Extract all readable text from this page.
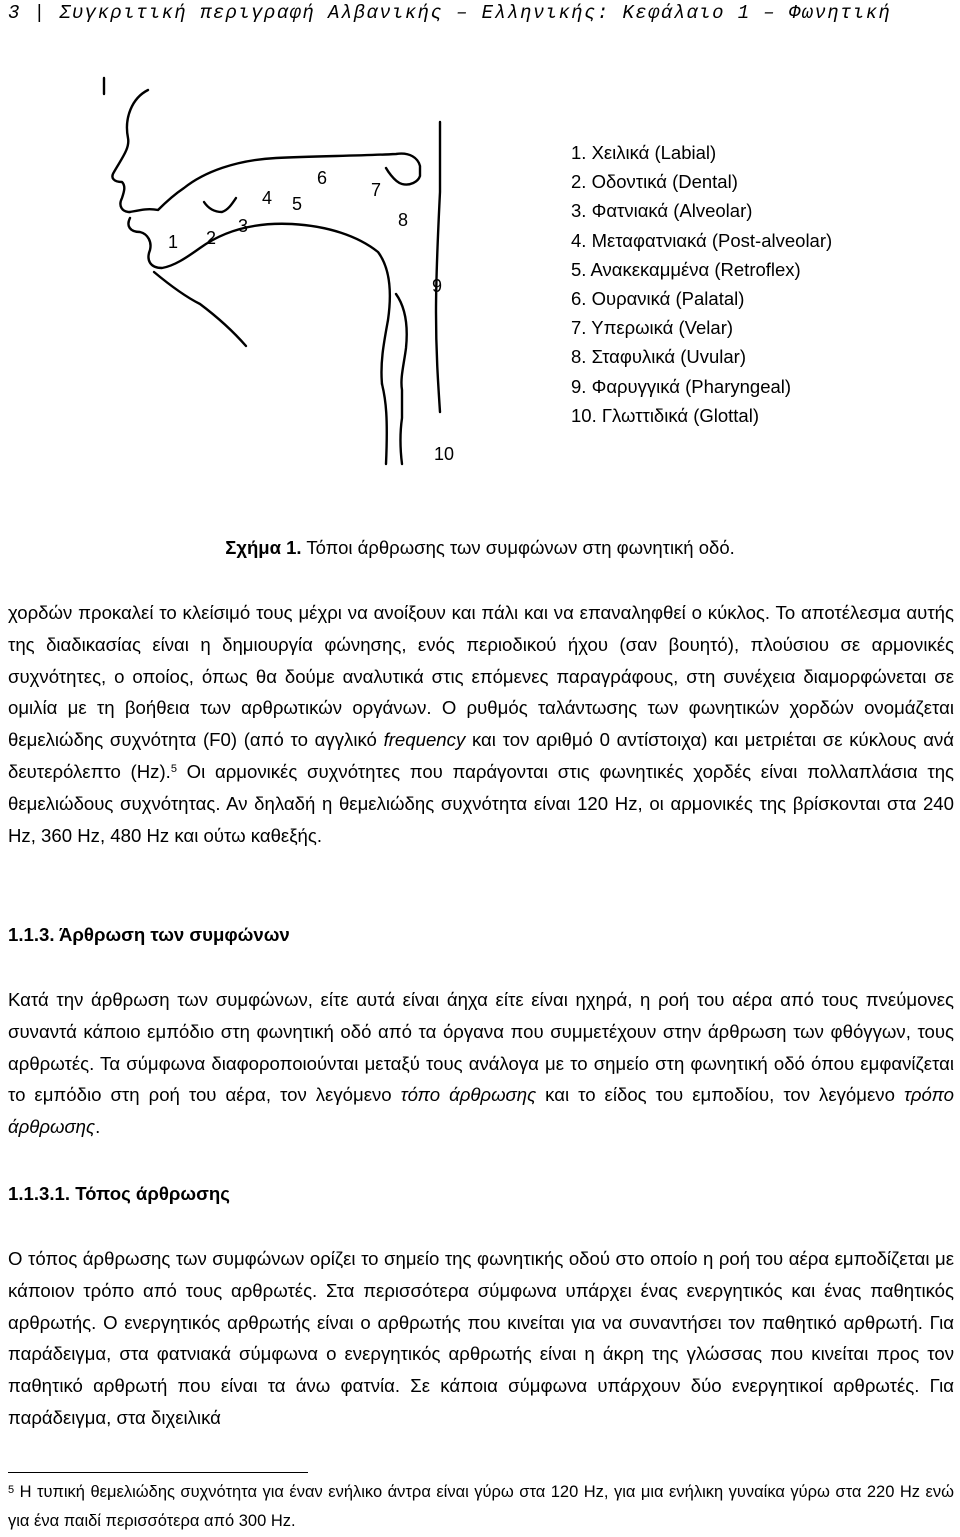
3 | Συγκριτική περιγραφή Αλβανικής – Ελληνικής: Κεφάλαιο 1 – Φωνητική
1 2
3
4 5
6
7
8
9
10
1. Χειλικά (Labial)
2. Οδοντικά (Dental)
3. Φατνιακά (Alveolar)
4. Μεταφατνιακά (Post-alveolar)
5. Ανακεκαμμένα (Retroflex)
6. Ουρανικά (Palatal)
7. Υπερωικά (Velar)
8. Σταφυλικά (Uvular)
9. Φαρυγγικά (Pharyngeal)
10. Γλωττιδικά (Glottal)
Σχήμα 1. Τόποι άρθρωσης των συμφώνων στη φωνητική οδό.

χορδών προκαλεί το κλείσιμό τους μέχρι να ανοίξουν και πάλι και να επαναληφθεί ο κύκλος. Το αποτέλεσμα αυτής της διαδικασίας είναι η δημιουργία φώνησης, ενός περιοδικού ήχου (σαν βουητό), πλούσιου σε αρμονικές συχνότητες, ο οποίος, όπως θα δούμε αναλυτικά στις επόμενες παραγράφους, στη συνέχεια διαμορφώνεται σε ομιλία με τη βοήθεια των αρθρωτικών οργάνων. Ο ρυθμός ταλάντωσης των φωνητικών χορδών ονομάζεται θεμελιώδης συχνότητα (F0) (από το αγγλικό frequency και τον αριθμό 0 αντίστοιχα) και μετριέται σε κύκλους ανά δευτερόλεπτο (Hz).$^5$ Οι αρμονικές συχνότητες που παράγονται στις φωνητικές χορδές είναι πολλαπλάσια της θεμελιώδους συχνότητας. Αν δηλαδή η θεμελιώδης συχνότητα είναι 120 Hz, οι αρμονικές της βρίσκονται στα 240 Hz, 360 Hz, 480 Hz και ούτω καθεξής.

1.1.3. Άρθρωση των συμφώνων

Κατά την άρθρωση των συμφώνων, είτε αυτά είναι άηχα είτε είναι ηχηρά, η ροή του αέρα από τους πνεύμονες συναντά κάποιο εμπόδιο στη φωνητική οδό από τα όργανα που συμμετέχουν στην άρθρωση των φθόγγων, τους αρθρωτές. Τα σύμφωνα διαφοροποιούνται μεταξύ τους ανάλογα με το σημείο στη φωνητική οδό όπου εμφανίζεται το εμπόδιο στη ροή του αέρα, τον λεγόμενο τόπο άρθρωσης και το είδος του εμποδίου, τον λεγόμενο τρόπο άρθρωσης.

1.1.3.1. Τόπος άρθρωσης

Ο τόπος άρθρωσης των συμφώνων ορίζει το σημείο της φωνητικής οδού στο οποίο η ροή του αέρα εμποδίζεται με κάποιον τρόπο από τους αρθρωτές. Στα περισσότερα σύμφωνα υπάρχει ένας ενεργητικός και ένας παθητικός αρθρωτής. Ο ενεργητικός αρθρωτής είναι ο αρθρωτής που κινείται για να συναντήσει τον παθητικό αρθρωτή. Για παράδειγμα, στα φατνιακά σύμφωνα ο ενεργητικός αρθρωτής είναι η άκρη της γλώσσας που κινείται προς τον παθητικό αρθρωτή που είναι τα άνω φατνία. Σε κάποια σύμφωνα υπάρχουν δύο ενεργητικοί αρθρωτές. Για παράδειγμα, στα διχειλικά

$^5$ Η τυπική θεμελιώδης συχνότητα για έναν ενήλικο άντρα είναι γύρω στα 120 Hz, για μια ενήλικη γυναίκα γύρω στα 220 Hz ενώ για ένα παιδί περισσότερα από 300 Hz.
